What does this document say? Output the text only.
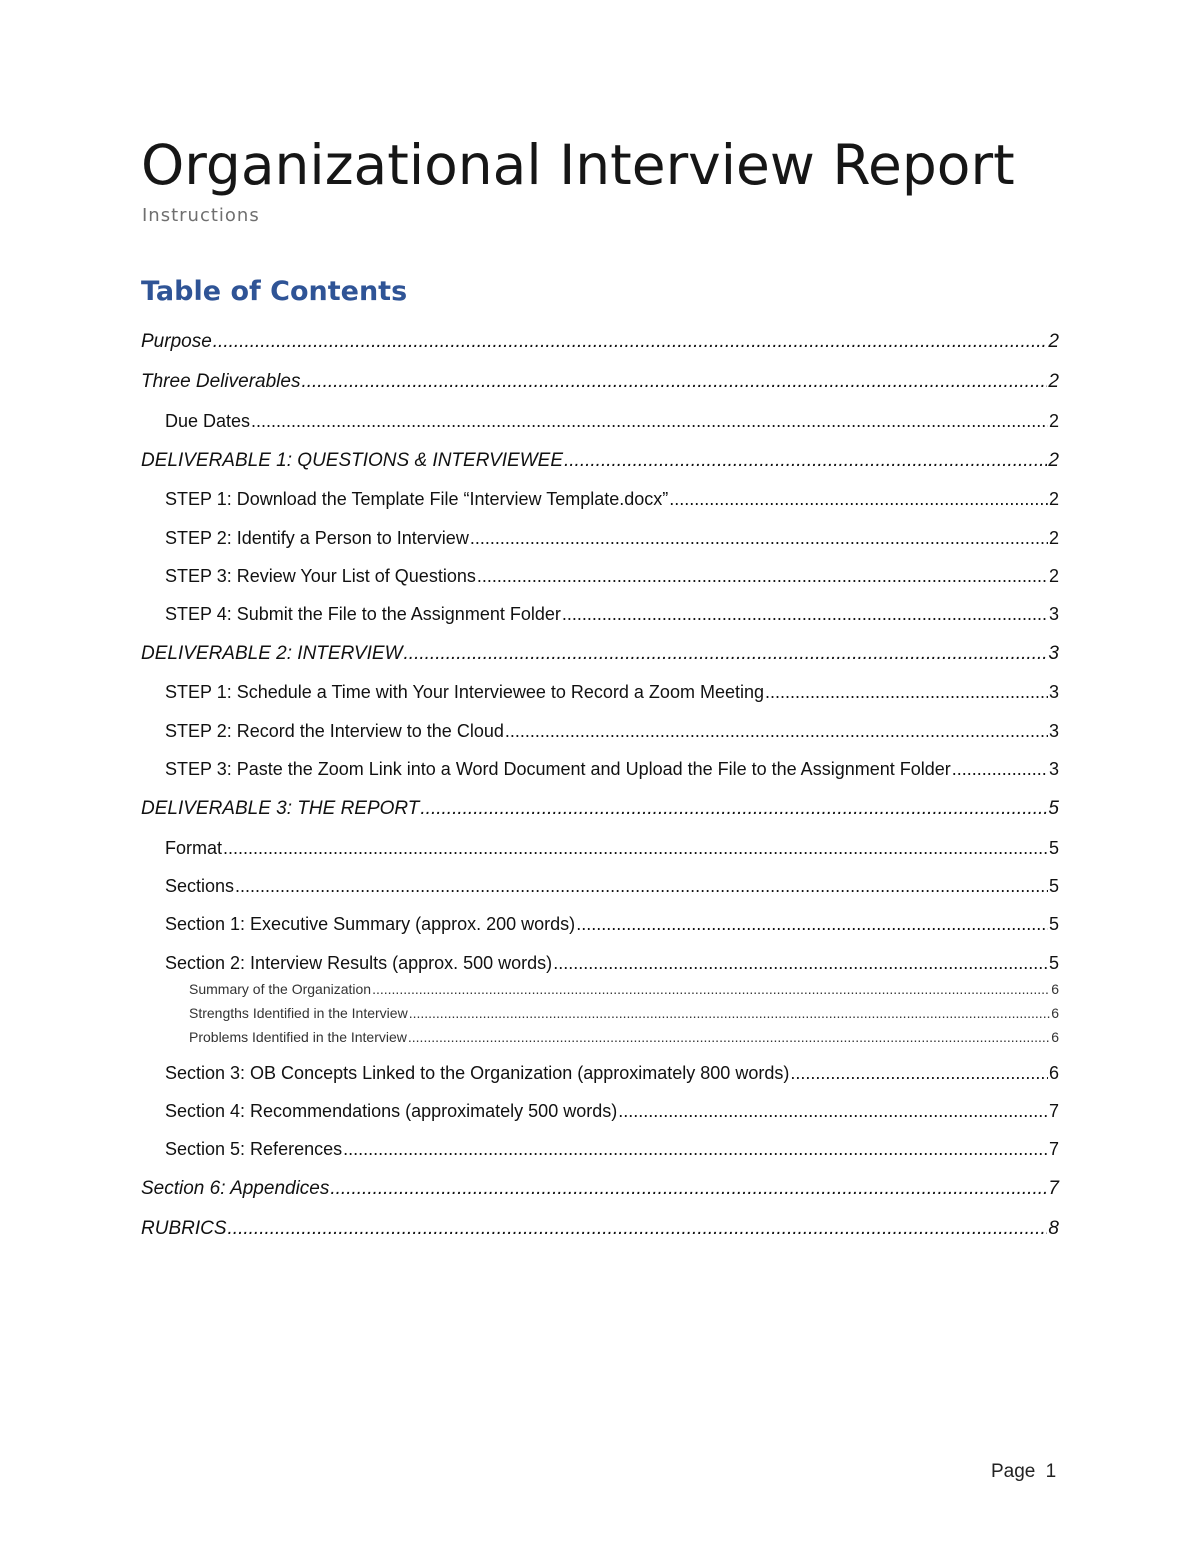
Organizational Interview Report
Instructions
Table of Contents
Purpose .....	2
Three Deliverables .....	2
Due Dates .....	2
DELIVERABLE 1: QUESTIONS & INTERVIEWEE .....	2
STEP 1: Download the Template File “Interview Template.docx” .....	2
STEP 2: Identify a Person to Interview .....	2
STEP 3: Review Your List of Questions .....	2
STEP 4: Submit the File to the Assignment Folder .....	3
DELIVERABLE 2: INTERVIEW .....	3
STEP 1: Schedule a Time with Your Interviewee to Record a Zoom Meeting .....	3
STEP 2: Record the Interview to the Cloud .....	3
STEP 3: Paste the Zoom Link into a Word Document and Upload the File to the Assignment Folder .....	3
DELIVERABLE 3: THE REPORT .....	5
Format .....	5
Sections .....	5
Section 1: Executive Summary (approx. 200 words) .....	5
Section 2: Interview Results (approx. 500 words) .....	5
Summary of the Organization .....	6
Strengths Identified in the Interview .....	6
Problems Identified in the Interview .....	6
Section 3: OB Concepts Linked to the Organization (approximately 800 words) .....	6
Section 4: Recommendations (approximately 500 words) .....	7
Section 5: References .....	7
Section 6: Appendices .....	7
RUBRICS .....	8
Page 1
